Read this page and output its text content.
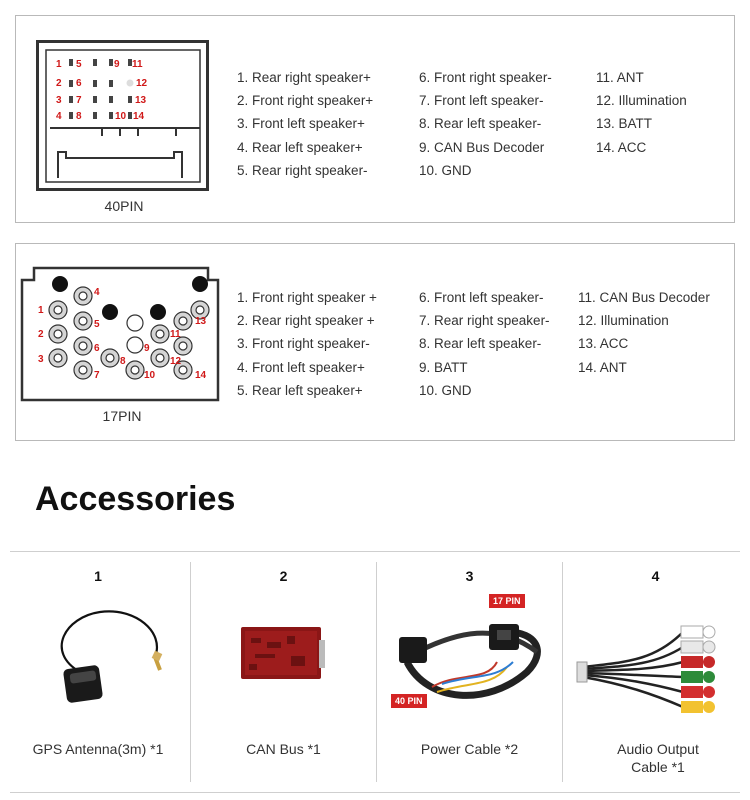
1 5	9 11
2 6	12
3 7	13
4 8	10 14
40PIN
1. Rear right speaker+
2. Front right speaker+
3. Front left speaker+
4. Rear left speaker+
5. Rear right speaker-
6. Front right speaker-
7. Front left speaker-
8. Rear left speaker-
9. CAN Bus Decoder
10. GND
11. ANT
12. Illumination
13. BATT
14. ACC
1
2
3
4
5
6
7
8
9
10
11
12
13
14
17PIN
1. Front right speaker +
2. Rear right speaker +
3. Front right speaker-
4. Front left speaker+
5. Rear left speaker+
6. Front left speaker-
7. Rear right speaker-
8. Rear left speaker-
9. BATT
10. GND
11. CAN Bus Decoder
12. Illumination
13. ACC
14. ANT
Accessories
1
GPS Antenna(3m) *1
2
CAN Bus *1
3
17 PIN
40 PIN
Power Cable *2
4
Audio Output Cable *1
